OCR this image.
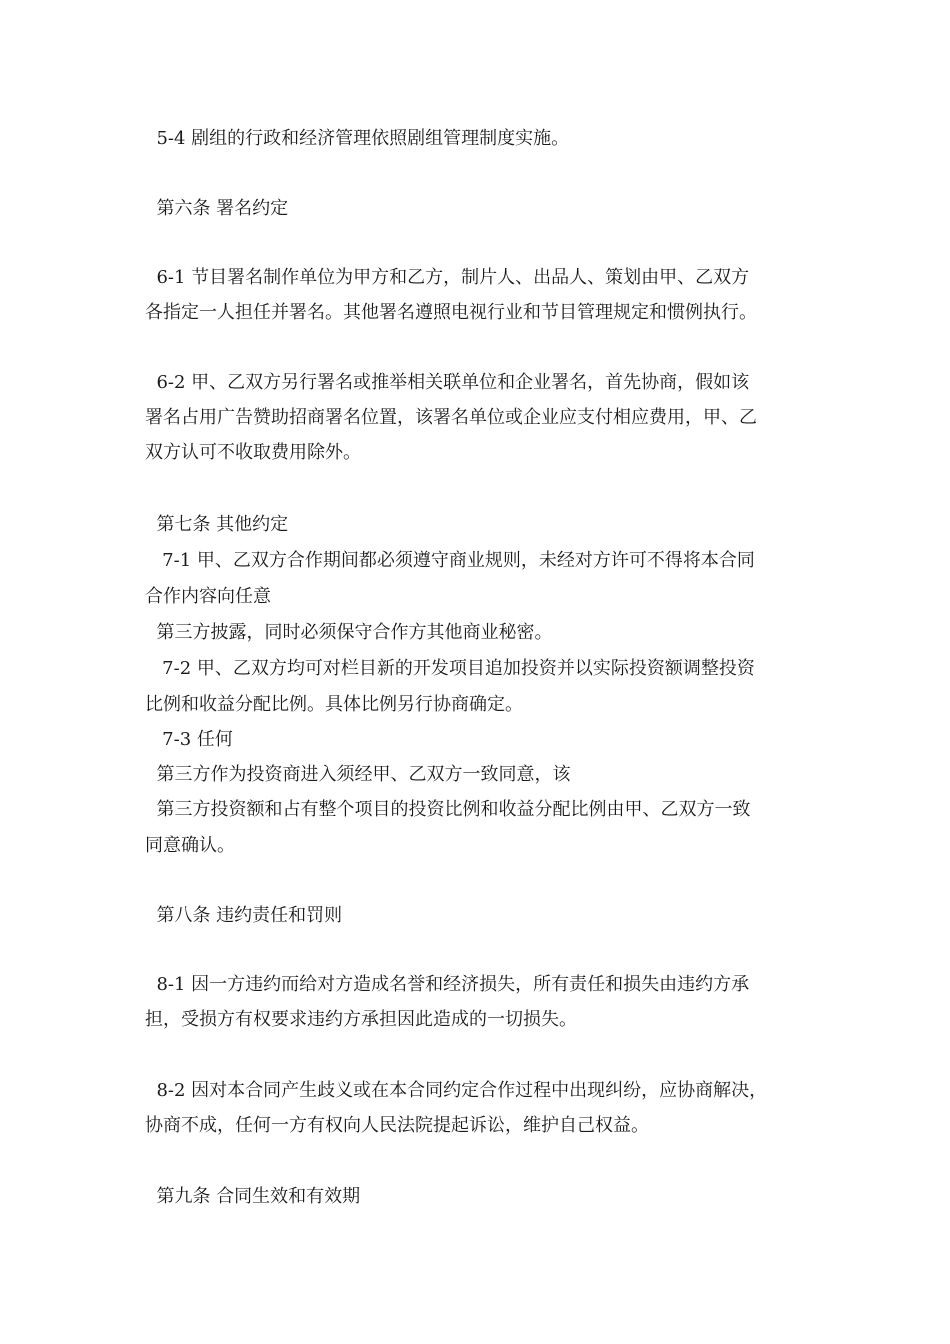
5-4 剧组的行政和经济管理依照剧组管理制度实施。
第六条 署名约定
6-1 节目署名制作单位为甲方和乙方，制片人、出品人、策划由甲、乙双方
各指定一人担任并署名。其他署名遵照电视行业和节目管理规定和惯例执行。
6-2 甲、乙双方另行署名或推举相关联单位和企业署名，首先协商，假如该
署名占用广告赞助招商署名位置，该署名单位或企业应支付相应费用，甲、乙
双方认可不收取费用除外。
第七条 其他约定
7-1 甲、乙双方合作期间都必须遵守商业规则，未经对方许可不得将本合同
合作内容向任意
第三方披露，同时必须保守合作方其他商业秘密。
7-2 甲、乙双方均可对栏目新的开发项目追加投资并以实际投资额调整投资
比例和收益分配比例。具体比例另行协商确定。
7-3 任何
第三方作为投资商进入须经甲、乙双方一致同意，该
第三方投资额和占有整个项目的投资比例和收益分配比例由甲、乙双方一致
同意确认。
第八条 违约责任和罚则
8-1 因一方违约而给对方造成名誉和经济损失，所有责任和损失由违约方承
担，受损方有权要求违约方承担因此造成的一切损失。
8-2 因对本合同产生歧义或在本合同约定合作过程中出现纠纷，应协商解决，
协商不成，任何一方有权向人民法院提起诉讼，维护自己权益。
第九条 合同生效和有效期
